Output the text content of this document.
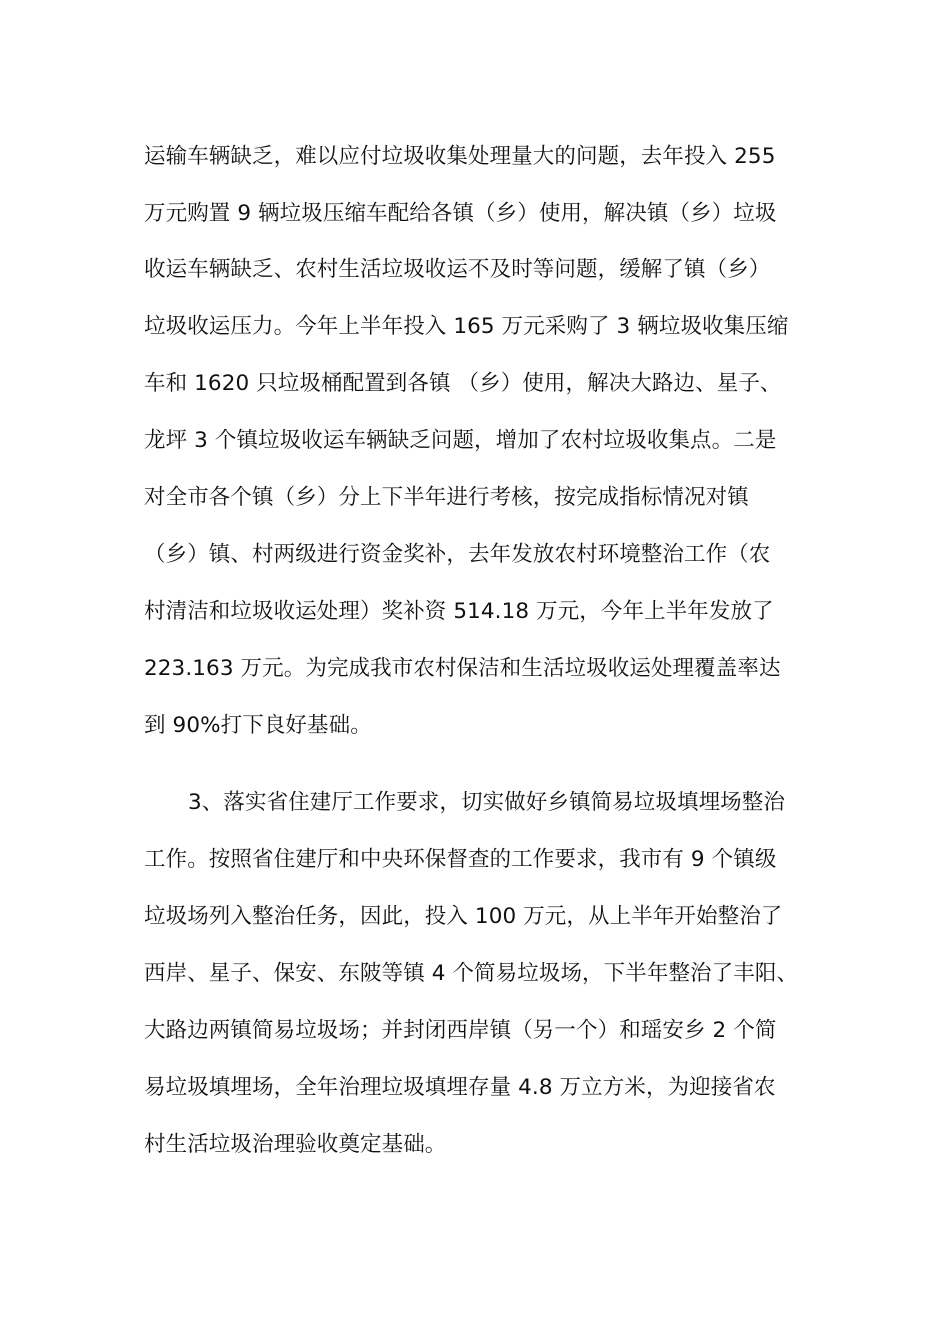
运输车辆缺乏，难以应付垃圾收集处理量大的问题，去年投入 255
万元购置 9 辆垃圾压缩车配给各镇（乡）使用，解决镇（乡）垃圾
收运车辆缺乏、农村生活垃圾收运不及时等问题，缓解了镇（乡）
垃圾收运压力。今年上半年投入 165 万元采购了 3 辆垃圾收集压缩
车和 1620 只垃圾桶配置到各镇 （乡）使用，解决大路边、星子、
龙坪 3 个镇垃圾收运车辆缺乏问题，增加了农村垃圾收集点。二是
对全市各个镇（乡）分上下半年进行考核，按完成指标情况对镇
（乡）镇、村两级进行资金奖补，去年发放农村环境整治工作（农
村清洁和垃圾收运处理）奖补资 514.18 万元，今年上半年发放了
223.163 万元。为完成我市农村保洁和生活垃圾收运处理覆盖率达
到 90%打下良好基础。
3、落实省住建厅工作要求，切实做好乡镇简易垃圾填埋场整治
工作。按照省住建厅和中央环保督查的工作要求，我市有 9 个镇级
垃圾场列入整治任务，因此，投入 100 万元，从上半年开始整治了
西岸、星子、保安、东陂等镇 4 个简易垃圾场，下半年整治了丰阳、
大路边两镇简易垃圾场；并封闭西岸镇（另一个）和瑶安乡 2 个简
易垃圾填埋场，全年治理垃圾填埋存量 4.8 万立方米，为迎接省农
村生活垃圾治理验收奠定基础。
